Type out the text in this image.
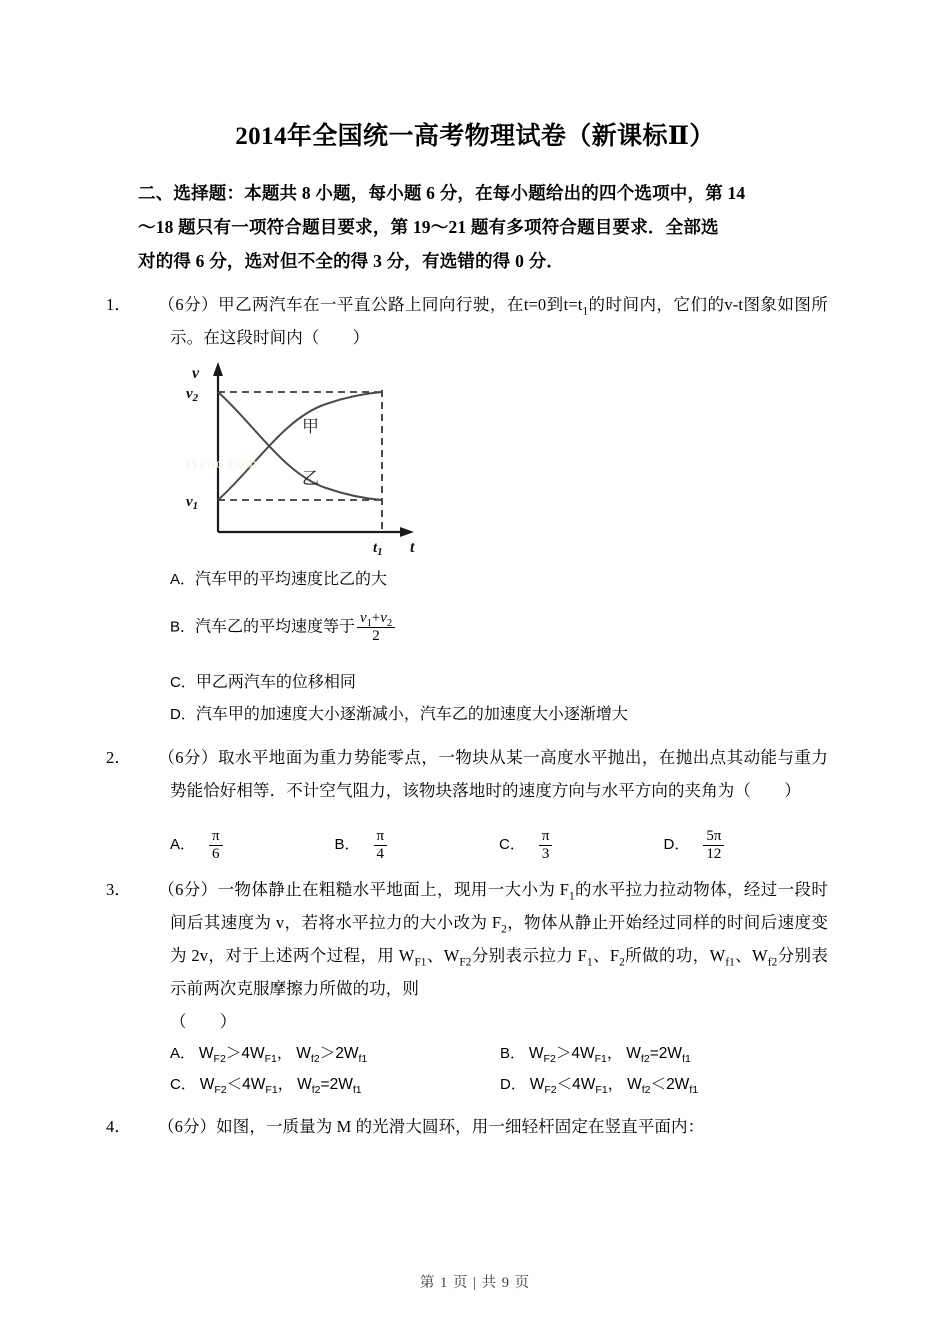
2014年全国统一高考物理试卷（新课标Ⅱ）
二、选择题：本题共 8 小题，每小题 6 分，在每小题给出的四个选项中，第 14
～18 题只有一项符合题目要求，第 19～21 题有多项符合题目要求．全部选
对的得 6 分，选对但不全的得 3 分，有选错的得 0 分．
1． （6分）甲乙两汽车在一平直公路上同向行驶，在t=0到$t=t_1$的时间内，它们的v‑t图象如图所示。在这段时间内（　　）
v
t
$v_2$
$v_1$
$t_1$
甲
乙
jyeoo.com
A．汽车甲的平均速度比乙的大
B．汽车乙的平均速度等于 $\frac{v_1+v_2}{2}$
C．甲乙两汽车的位移相同
D．汽车甲的加速度大小逐渐减小，汽车乙的加速度大小逐渐增大
2． （6分）取水平地面为重力势能零点，一物块从某一高度水平抛出，在抛出点其动能与重力势能恰好相等．不计空气阻力，该物块落地时的速度方向与水平方向的夹角为（　　）
A． $\frac{\pi}{6}$	B． $\frac{\pi}{4}$	C． $\frac{\pi}{3}$	D． $\frac{5\pi}{12}$
3． （6分）一物体静止在粗糙水平地面上，现用一大小为 $F_1$的水平拉力拉动物体，经过一段时间后其速度为 v，若将水平拉力的大小改为 $F_2$，物体从静止开始经过同样的时间后速度变为 2v，对于上述两个过程，用 $W_{F1}$、$W_{F2}$分别表示拉力 $F_1$、$F_2$所做的功，$W_{f1}$、$W_{f2}$分别表示前两次克服摩擦力所做的功，则
（　　）
A． $W_{F2}>4W_{F1}$， $W_{f2}>2W_{f1}$	B． $W_{F2}>4W_{F1}$， $W_{f2}=2W_{f1}$
C． $W_{F2}<4W_{F1}$， $W_{f2}=2W_{f1}$	D． $W_{F2}<4W_{F1}$， $W_{f2}<2W_{f1}$
4． （6分）如图，一质量为 M 的光滑大圆环，用一细轻杆固定在竖直平面内：
第 1 页 | 共 9 页
